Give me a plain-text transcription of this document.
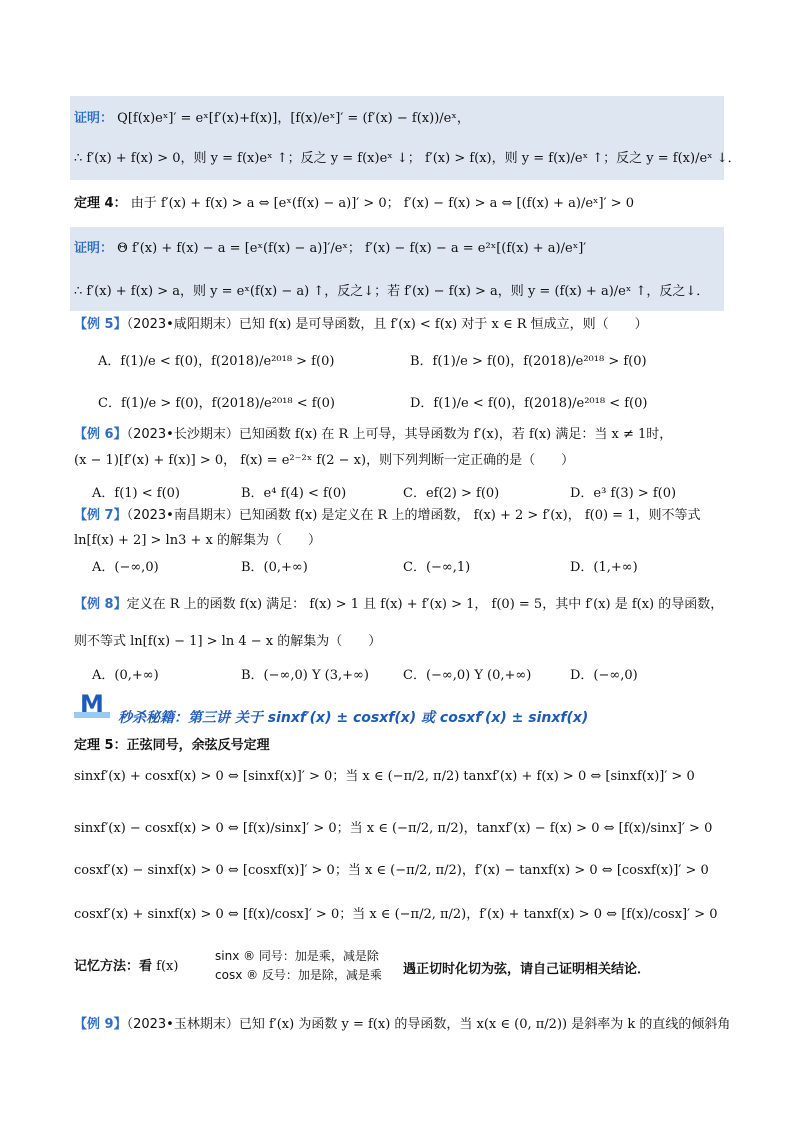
证明： Q[f(x)eˣ]′ = eˣ[f′(x)+f(x)]，[f(x)/eˣ]′ = (f′(x) − f(x))/eˣ，
∴ f′(x) + f(x) > 0，则 y = f(x)eˣ ↑；反之 y = f(x)eˣ ↓； f′(x) > f(x)，则 y = f(x)/eˣ ↑；反之 y = f(x)/eˣ ↓．
定理 4： 由于 f′(x) + f(x) > a ⇔ [eˣ(f(x) − a)]′ > 0； f′(x) − f(x) > a ⇔ [(f(x) + a)/eˣ]′ > 0
证明： Θ f′(x) + f(x) − a = [eˣ(f(x) − a)]′/eˣ； f′(x) − f(x) − a = e²ˣ[(f(x) + a)/eˣ]′
∴ f′(x) + f(x) > a，则 y = eˣ(f(x) − a) ↑，反之↓；若 f′(x) − f(x) > a，则 y = (f(x) + a)/eˣ ↑，反之↓．
【例 5】（2023•咸阳期末）已知 f(x) 是可导函数，且 f′(x) < f(x) 对于 x ∈ R 恒成立，则（　　）
A．f(1)/e < f(0)，f(2018)/e²⁰¹⁸ > f(0)	B．f(1)/e > f(0)，f(2018)/e²⁰¹⁸ > f(0)
C．f(1)/e > f(0)，f(2018)/e²⁰¹⁸ < f(0)	D．f(1)/e < f(0)，f(2018)/e²⁰¹⁸ < f(0)
【例 6】（2023•长沙期末）已知函数 f(x) 在 R 上可导，其导函数为 f′(x)，若 f(x) 满足：当 x ≠ 1时，
(x − 1)[f′(x) + f(x)] > 0， f(x) = e²⁻²ˣ f(2 − x)，则下列判断一定正确的是（　　）
A．f(1) < f(0)	B．e⁴ f(4) < f(0)	C．ef(2) > f(0)	D．e³ f(3) > f(0)
【例 7】（2023•南昌期末）已知函数 f(x) 是定义在 R 上的增函数， f(x) + 2 > f′(x)， f(0) = 1，则不等式
ln[f(x) + 2] > ln3 + x 的解集为（　　）
A．(−∞,0)	B．(0,+∞)	C．(−∞,1)	D．(1,+∞)
【例 8】定义在 R 上的函数 f(x) 满足： f(x) > 1 且 f(x) + f′(x) > 1， f(0) = 5，其中 f′(x) 是 f(x) 的导函数，
则不等式 ln[f(x) − 1] > ln 4 − x 的解集为（　　）
A．(0,+∞)	B．(−∞,0) Y (3,+∞)	C．(−∞,0) Y (0,+∞)	D．(−∞,0)
M 秒杀秘籍：第三讲 关于 sinxf′(x) ± cosxf(x) 或 cosxf′(x) ± sinxf(x)
定理 5：正弦同号，余弦反号定理
sinxf′(x) + cosxf(x) > 0 ⇔ [sinxf(x)]′ > 0；当 x ∈ (−π/2, π/2) tanxf′(x) + f(x) > 0 ⇔ [sinxf(x)]′ > 0
sinxf′(x) − cosxf(x) > 0 ⇔ [f(x)/sinx]′ > 0；当 x ∈ (−π/2, π/2)，tanxf′(x) − f(x) > 0 ⇔ [f(x)/sinx]′ > 0
cosxf′(x) − sinxf(x) > 0 ⇔ [cosxf(x)]′ > 0；当 x ∈ (−π/2, π/2)，f′(x) − tanxf(x) > 0 ⇔ [cosxf(x)]′ > 0
cosxf′(x) + sinxf(x) > 0 ⇔ [f(x)/cosx]′ > 0；当 x ∈ (−π/2, π/2)，f′(x) + tanxf(x) > 0 ⇔ [f(x)/cosx]′ > 0
记忆方法：看 f(x)
sinx ® 同号：加是乘，减是除
cosx ® 反号：加是除，减是乘 遇正切时化切为弦，请自己证明相关结论．
【例 9】（2023•玉林期末）已知 f′(x) 为函数 y = f(x) 的导函数，当 x(x ∈ (0, π/2)) 是斜率为 k 的直线的倾斜角
